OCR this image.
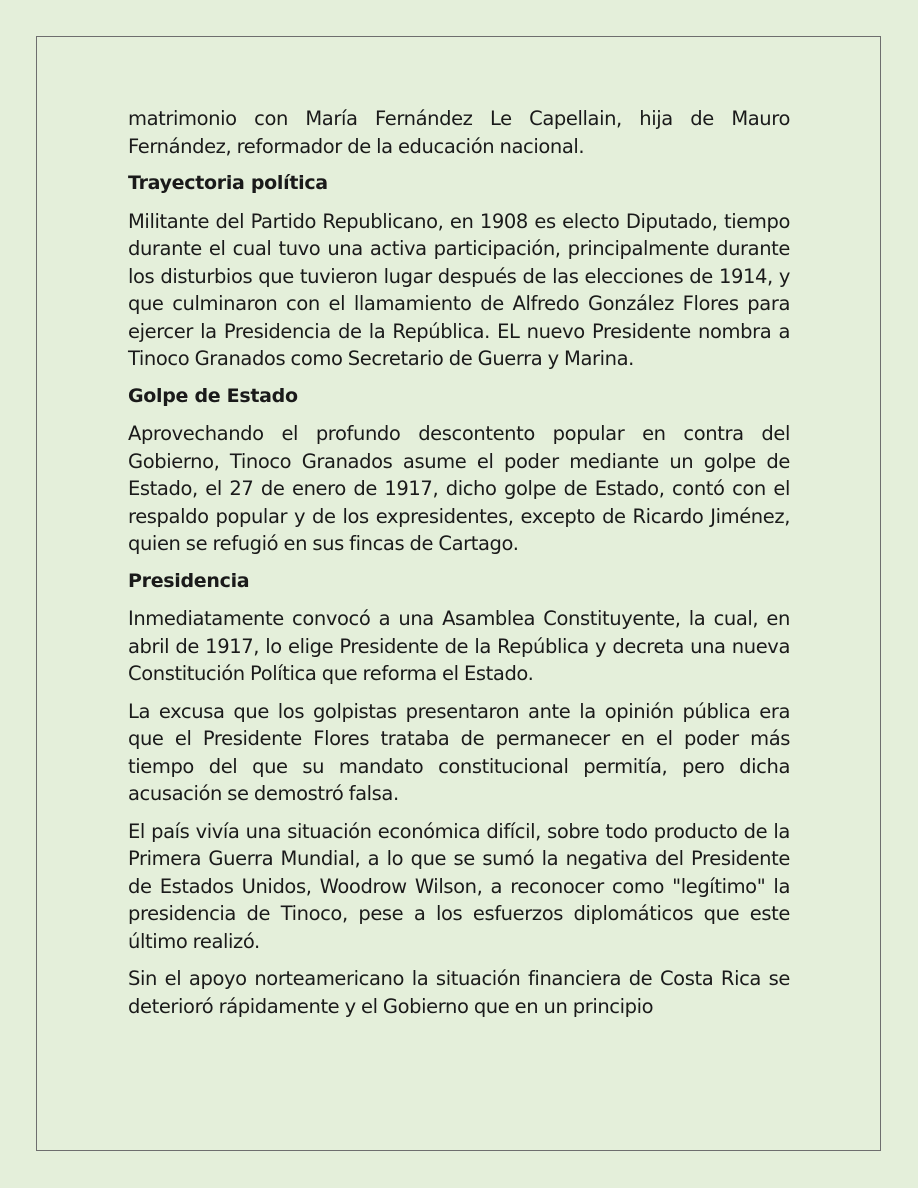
matrimonio con María Fernández Le Capellain, hija de Mauro Fernández, reformador de la educación nacional.

Trayectoria política

Militante del Partido Republicano, en 1908 es electo Diputado, tiempo durante el cual tuvo una activa participación, principalmente durante los disturbios que tuvieron lugar después de las elecciones de 1914, y que culminaron con el llamamiento de Alfredo González Flores para ejercer la Presidencia de la República. EL nuevo Presidente nombra a Tinoco Granados como Secretario de Guerra y Marina.

Golpe de Estado

Aprovechando el profundo descontento popular en contra del Gobierno, Tinoco Granados asume el poder mediante un golpe de Estado, el 27 de enero de 1917, dicho golpe de Estado, contó con el respaldo popular y de los expresidentes, excepto de Ricardo Jiménez, quien se refugió en sus fincas de Cartago.

Presidencia

Inmediatamente convocó a una Asamblea Constituyente, la cual, en abril de 1917, lo elige Presidente de la República y decreta una nueva Constitución Política que reforma el Estado.

La excusa que los golpistas presentaron ante la opinión pública era que el Presidente Flores trataba de permanecer en el poder más tiempo del que su mandato constitucional permitía, pero dicha acusación se demostró falsa.

El país vivía una situación económica difícil, sobre todo producto de la Primera Guerra Mundial, a lo que se sumó la negativa del Presidente de Estados Unidos, Woodrow Wilson, a reconocer como "legítimo" la presidencia de Tinoco, pese a los esfuerzos diplomáticos que este último realizó.

Sin el apoyo norteamericano la situación financiera de Costa Rica se deterioró rápidamente y el Gobierno que en un principio
